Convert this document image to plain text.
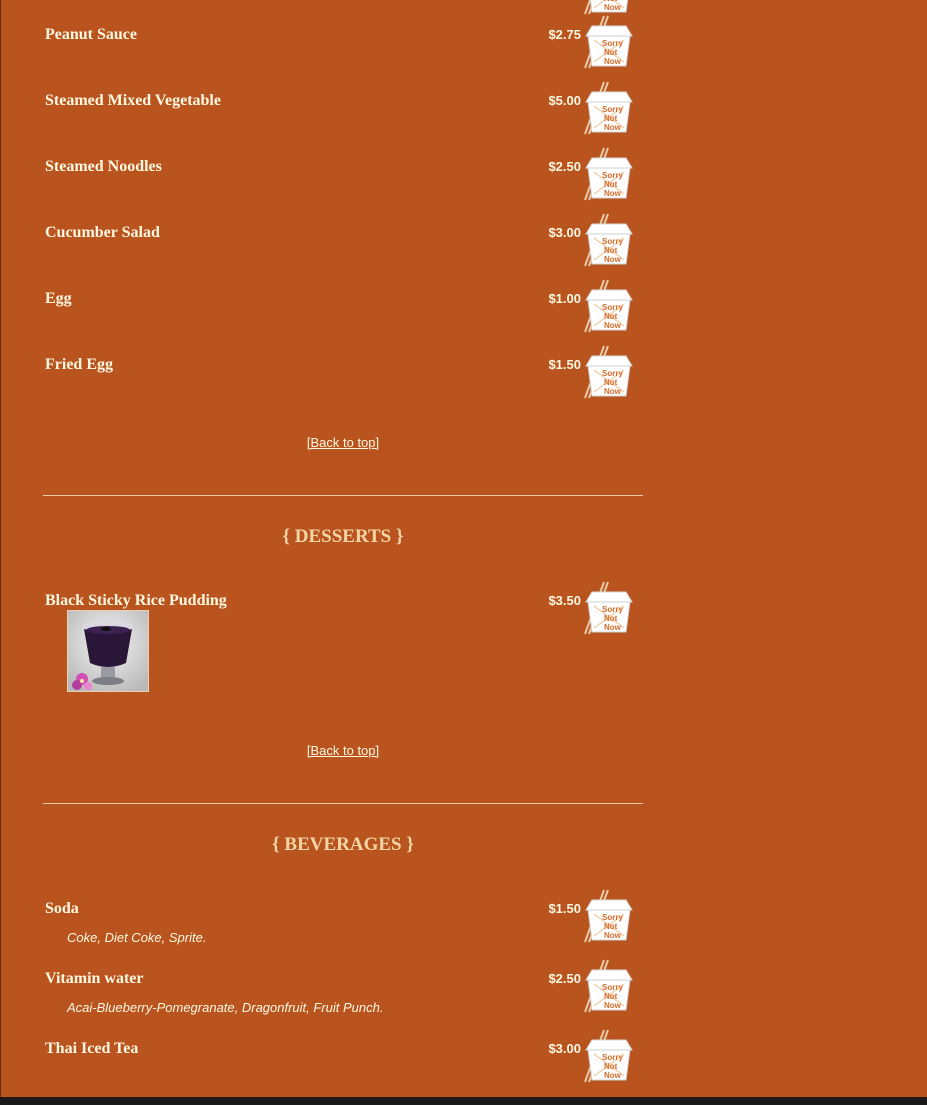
Peanut Sauce	$2.75
Steamed Mixed Vegetable	$5.00
Steamed Noodles	$2.50
Cucumber Salad	$3.00
Egg	$1.00
Fried Egg	$1.50
[Back to top]
{ DESSERTS }
Black Sticky Rice Pudding	$3.50
[Back to top]
{ BEVERAGES }
Soda	$1.50
Coke, Diet Coke, Sprite.
Vitamin water	$2.50
Acai-Blueberry-Pomegranate, Dragonfruit, Fruit Punch.
Thai Iced Tea	$3.00
